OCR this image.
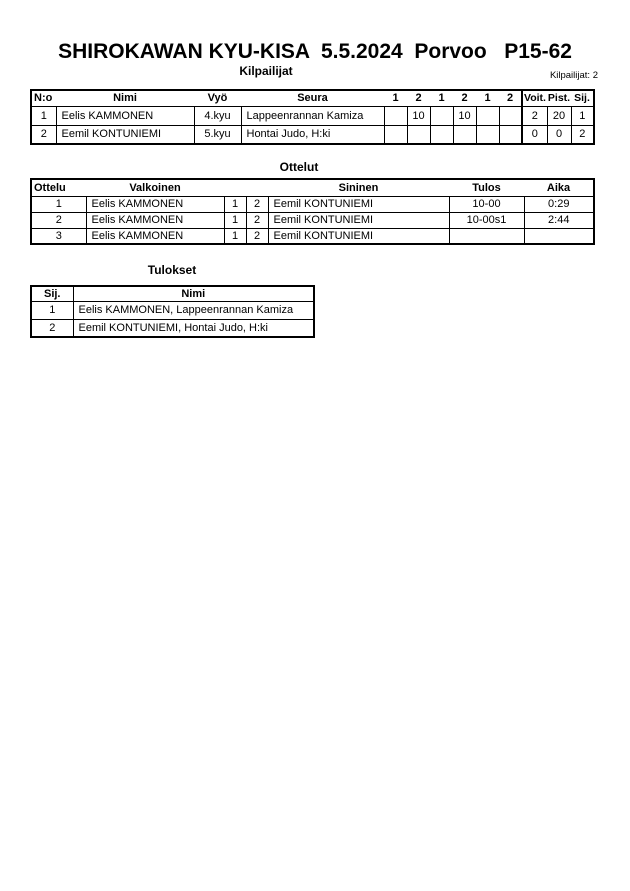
SHIROKAWAN KYU-KISA  5.5.2024  Porvoo   P15-62
Kilpailijat	Kilpailijat: 2
N:o	Nimi	Vyö	Seura	1	2	1	2	1	2	Voit.	Pist.	Sij.
1	Eelis KAMMONEN	4.kyu	Lappeenrannan Kamiza		10		10			2	20	1
2	Eemil KONTUNIEMI	5.kyu	Hontai Judo, H:ki							0	0	2
Ottelut
Ottelu	Valkoinen			Sininen	Tulos	Aika
1	Eelis KAMMONEN	1	2	Eemil KONTUNIEMI	10-00	0:29
2	Eelis KAMMONEN	1	2	Eemil KONTUNIEMI	10-00s1	2:44
3	Eelis KAMMONEN	1	2	Eemil KONTUNIEMI		
Tulokset
Sij.	Nimi
1	Eelis KAMMONEN, Lappeenrannan Kamiza
2	Eemil KONTUNIEMI, Hontai Judo, H:ki
